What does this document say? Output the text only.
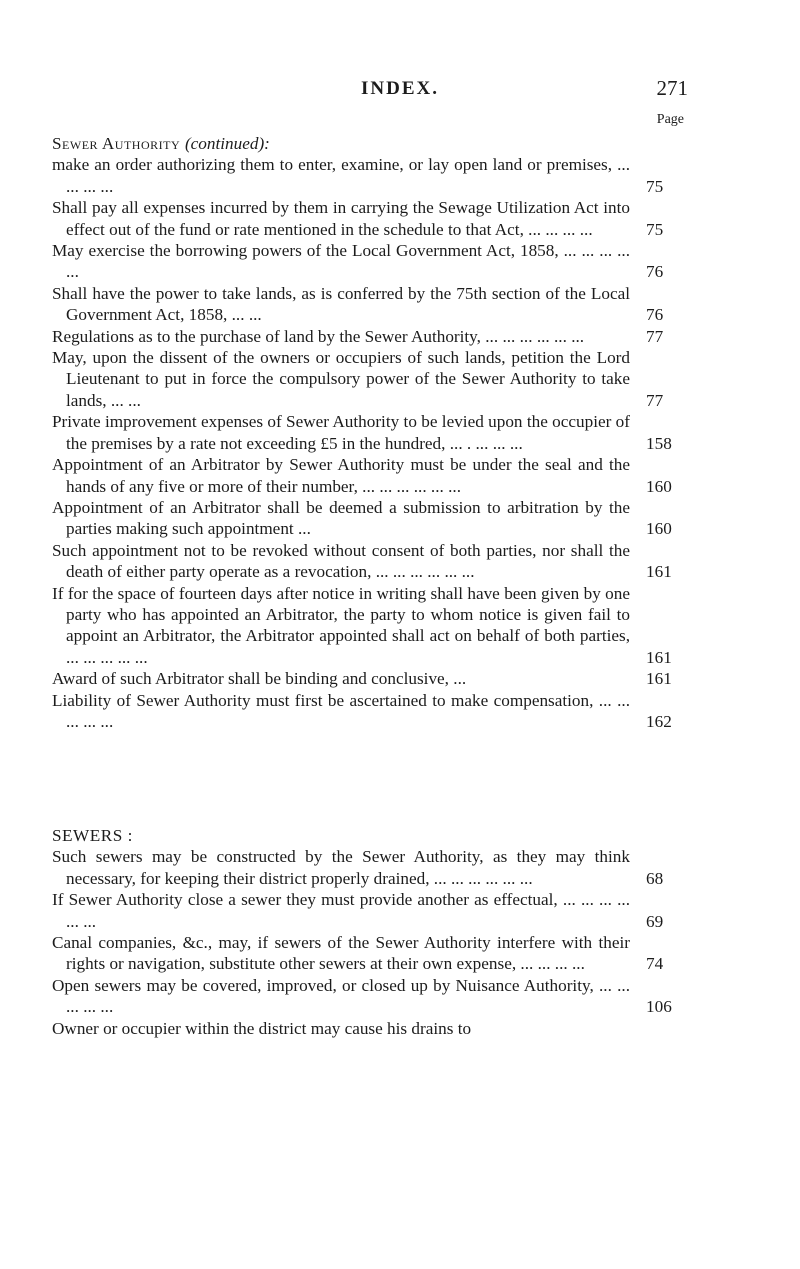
INDEX.	271
Page
Sewer Authority (continued):
make an order authorizing them to enter, examine, or lay open land or premises, ... ... ... ...	75
Shall pay all expenses incurred by them in carrying the Sewage Utilization Act into effect out of the fund or rate mentioned in the schedule to that Act, ... ... ... ...	75
May exercise the borrowing powers of the Local Government Act, 1858, ... ... ... ... ...	76
Shall have the power to take lands, as is conferred by the 75th section of the Local Government Act, 1858, ... ...	76
Regulations as to the purchase of land by the Sewer Authority, ... ... ... ... ... ...	77
May, upon the dissent of the owners or occupiers of such lands, petition the Lord Lieutenant to put in force the compulsory power of the Sewer Authority to take lands, ... ...	77
Private improvement expenses of Sewer Authority to be levied upon the occupier of the premises by a rate not exceeding £5 in the hundred, ... . ... ... ...	158
Appointment of an Arbitrator by Sewer Authority must be under the seal and the hands of any five or more of their number, ... ... ... ... ... ...	160
Appointment of an Arbitrator shall be deemed a submission to arbitration by the parties making such appointment ...	160
Such appointment not to be revoked without consent of both parties, nor shall the death of either party operate as a revocation, ... ... ... ... ... ...	161
If for the space of fourteen days after notice in writing shall have been given by one party who has appointed an Arbitrator, the party to whom notice is given fail to appoint an Arbitrator, the Arbitrator appointed shall act on behalf of both parties, ... ... ... ... ...	161
Award of such Arbitrator shall be binding and conclusive, ...	161
Liability of Sewer Authority must first be ascertained to make compensation, ... ... ... ... ...	162
SEWERS :
Such sewers may be constructed by the Sewer Authority, as they may think necessary, for keeping their district properly drained, ... ... ... ... ... ...	68
If Sewer Authority close a sewer they must provide another as effectual, ... ... ... ... ... ...	69
Canal companies, &c., may, if sewers of the Sewer Authority interfere with their rights or navigation, substitute other sewers at their own expense, ... ... ... ...	74
Open sewers may be covered, improved, or closed up by Nuisance Authority, ... ... ... ... ...	106
Owner or occupier within the district may cause his drains to
